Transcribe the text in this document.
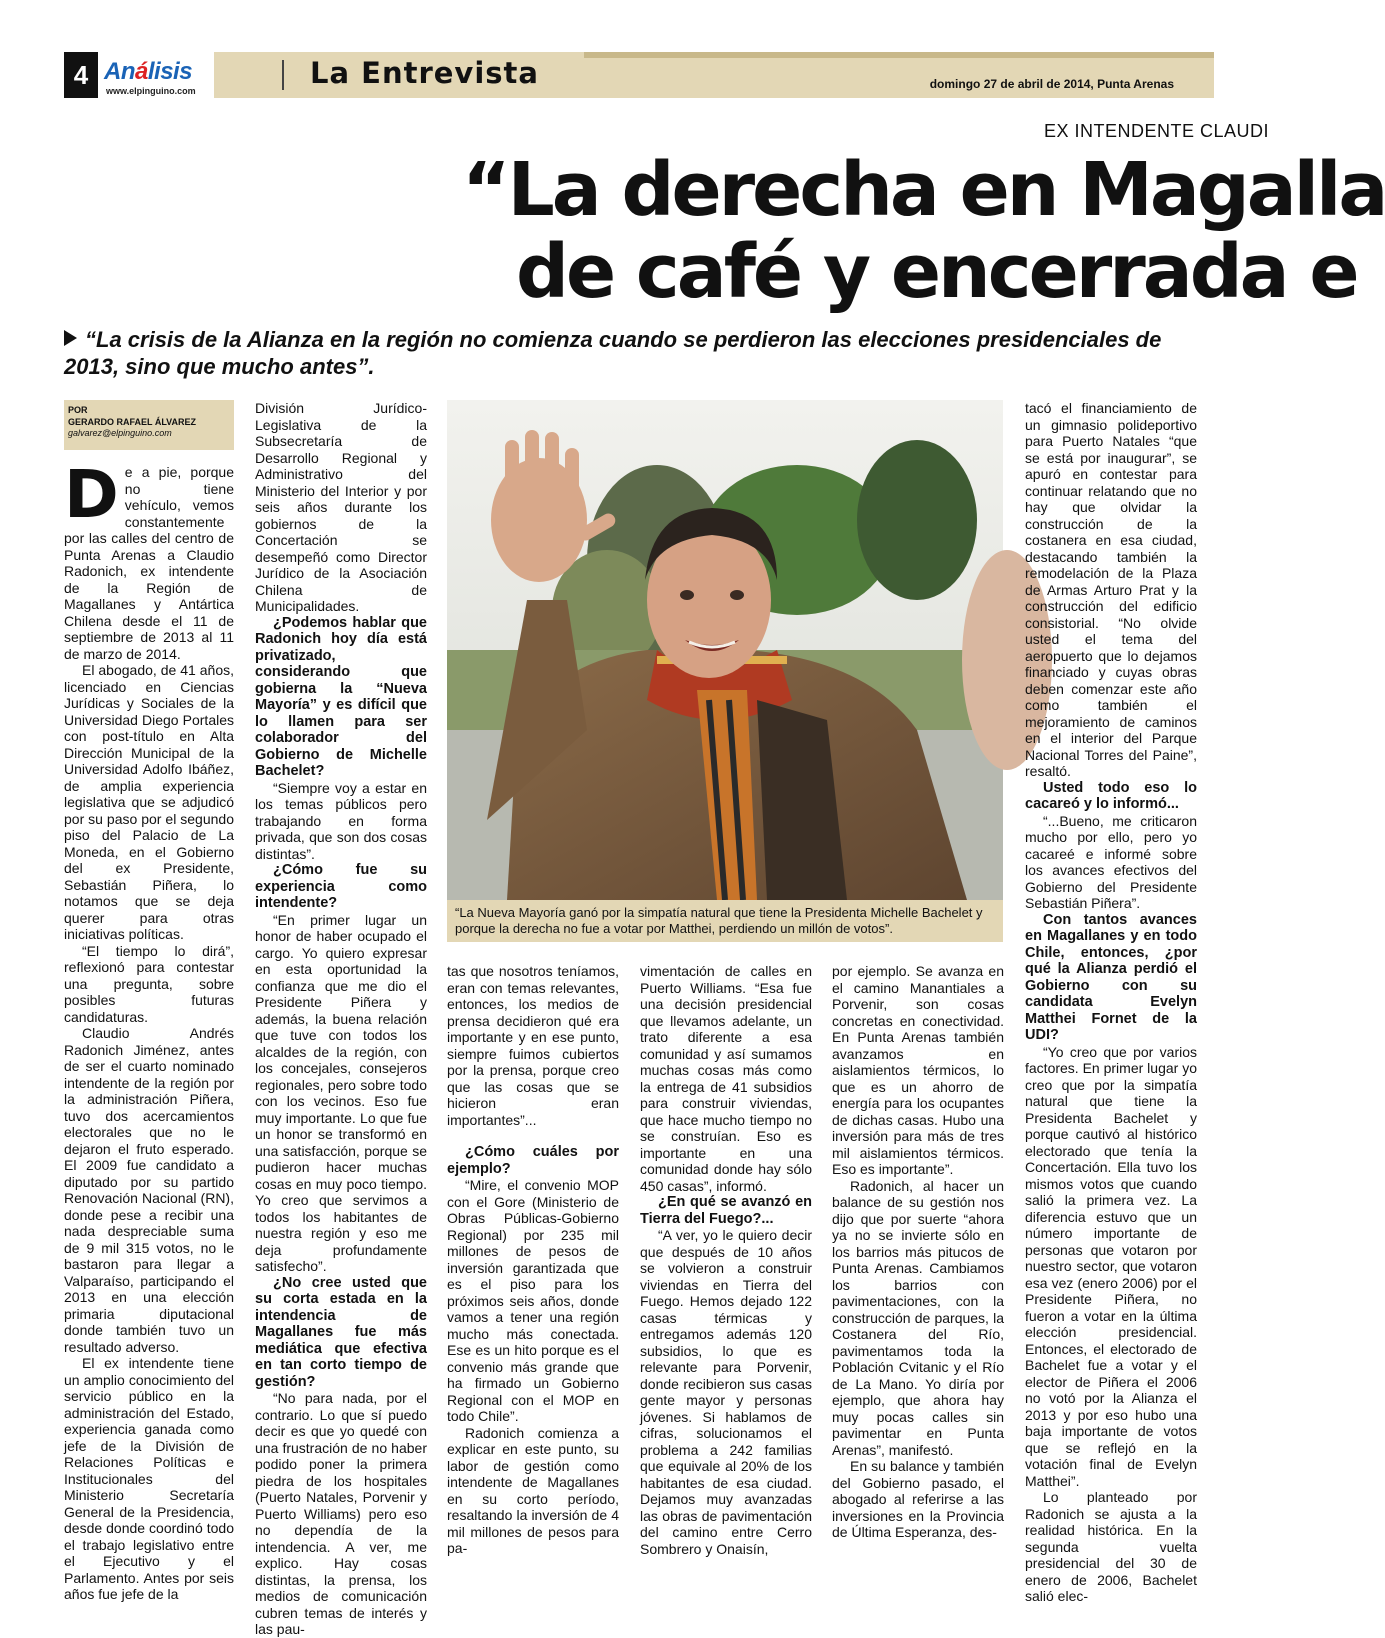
4 Análisis
www.elpinguino.com
La Entrevista	domingo 27 de abril de 2014, Punta Arenas
EX INTENDENTE CLAUDI
“La derecha en Magalla
de café y encerrada e
“La crisis de la Alianza en la región no comienza cuando se perdieron las elecciones presidenciales de 2013, sino que mucho antes”.
POR
GERARDO RAFAEL ÁLVAREZ
galvarez@elpinguino.com

De a pie, porque no tiene vehículo, vemos constantemente por las calles del centro de Punta Arenas a Claudio Radonich, ex intendente de la Región de Magallanes y Antártica Chilena desde el 11 de septiembre de 2013 al 11 de marzo de 2014.

El abogado, de 41 años, licenciado en Ciencias Jurídicas y Sociales de la Universidad Diego Portales con post-título en Alta Dirección Municipal de la Universidad Adolfo Ibáñez, de amplia experiencia legislativa que se adjudicó por su paso por el segundo piso del Palacio de La Moneda, en el Gobierno del ex Presidente, Sebastián Piñera, lo notamos que se deja querer para otras iniciativas políticas.

“El tiempo lo dirá”, reflexionó para contestar una pregunta, sobre posibles futuras candidaturas.

Claudio Andrés Radonich Jiménez, antes de ser el cuarto nominado intendente de la región por la administración Piñera, tuvo dos acercamientos electorales que no le dejaron el fruto esperado. El 2009 fue candidato a diputado por su partido Renovación Nacional (RN), donde pese a recibir una nada despreciable suma de 9 mil 315 votos, no le bastaron para llegar a Valparaíso, participando el 2013 en una elección primaria diputacional donde también tuvo un resultado adverso.

El ex intendente tiene un amplio conocimiento del servicio público en la administración del Estado, experiencia ganada como jefe de la División de Relaciones Políticas e Institucionales del Ministerio Secretaría General de la Presidencia, desde donde coordinó todo el trabajo legislativo entre el Ejecutivo y el Parlamento. Antes por seis años fue jefe de la

División Jurídico-Legislativa de la Subsecretaría de Desarrollo Regional y Administrativo del Ministerio del Interior y por seis años durante los gobiernos de la Concertación se desempeñó como Director Jurídico de la Asociación Chilena de Municipalidades.

¿Podemos hablar que Radonich hoy día está privatizado, considerando que gobierna la “Nueva Mayoría” y es difícil que lo llamen para ser colaborador del Gobierno de Michelle Bachelet?

“Siempre voy a estar en los temas públicos pero trabajando en forma privada, que son dos cosas distintas”.

¿Cómo fue su experiencia como intendente?

“En primer lugar un honor de haber ocupado el cargo. Yo quiero expresar en esta oportunidad la confianza que me dio el Presidente Piñera y además, la buena relación que tuve con todos los alcaldes de la región, con los concejales, consejeros regionales, pero sobre todo con los vecinos. Eso fue muy importante. Lo que fue un honor se transformó en una satisfacción, porque se pudieron hacer muchas cosas en muy poco tiempo. Yo creo que servimos a todos los habitantes de nuestra región y eso me deja profundamente satisfecho”.

¿No cree usted que su corta estada en la intendencia de Magallanes fue más mediática que efectiva en tan corto tiempo de gestión?

“No para nada, por el contrario. Lo que sí puedo decir es que yo quedé con una frustración de no haber podido poner la primera piedra de los hospitales (Puerto Natales, Porvenir y Puerto Williams) pero eso no dependía de la intendencia. A ver, me explico. Hay cosas distintas, la prensa, los medios de comunicación cubren temas de interés y las pau-

“La Nueva Mayoría ganó por la simpatía natural que tiene la Presidenta Michelle Bachelet y porque la derecha no fue a votar por Matthei, perdiendo un millón de votos”.

tas que nosotros teníamos, eran con temas relevantes, entonces, los medios de prensa decidieron qué era importante y en ese punto, siempre fuimos cubiertos por la prensa, porque creo que las cosas que se hicieron eran importantes”...

¿Cómo cuáles por ejemplo?

“Mire, el convenio MOP con el Gore (Ministerio de Obras Públicas-Gobierno Regional) por 235 mil millones de pesos de inversión garantizada que es el piso para los próximos seis años, donde vamos a tener una región mucho más conectada. Ese es un hito porque es el convenio más grande que ha firmado un Gobierno Regional con el MOP en todo Chile”.

Radonich comienza a explicar en este punto, su labor de gestión como intendente de Magallanes en su corto período, resaltando la inversión de 4 mil millones de pesos para pa-

vimentación de calles en Puerto Williams. “Esa fue una decisión presidencial que llevamos adelante, un trato diferente a esa comunidad y así sumamos muchas cosas más como la entrega de 41 subsidios para construir viviendas, que hace mucho tiempo no se construían. Eso es importante en una comunidad donde hay sólo 450 casas”, informó.

¿En qué se avanzó en Tierra del Fuego?...

“A ver, yo le quiero decir que después de 10 años se volvieron a construir viviendas en Tierra del Fuego. Hemos dejado 122 casas térmicas y entregamos además 120 subsidios, lo que es relevante para Porvenir, donde recibieron sus casas gente mayor y personas jóvenes. Si hablamos de cifras, solucionamos el problema a 242 familias que equivale al 20% de los habitantes de esa ciudad. Dejamos muy avanzadas las obras de pavimentación del camino entre Cerro Sombrero y Onaisín,

por ejemplo. Se avanza en el camino Manantiales a Porvenir, son cosas concretas en conectividad. En Punta Arenas también avanzamos en aislamientos térmicos, lo que es un ahorro de energía para los ocupantes de dichas casas. Hubo una inversión para más de tres mil aislamientos térmicos. Eso es importante”.

Radonich, al hacer un balance de su gestión nos dijo que por suerte “ahora ya no se invierte sólo en los barrios más pitucos de Punta Arenas. Cambiamos los barrios con pavimentaciones, con la construcción de parques, la Costanera del Río, pavimentamos toda la Población Cvitanic y el Río de La Mano. Yo diría por ejemplo, que ahora hay muy pocas calles sin pavimentar en Punta Arenas”, manifestó.

En su balance y también del Gobierno pasado, el abogado al referirse a las inversiones en la Provincia de Última Esperanza, des-

tacó el financiamiento de un gimnasio polideportivo para Puerto Natales “que se está por inaugurar”, se apuró en contestar para continuar relatando que no hay que olvidar la construcción de la costanera en esa ciudad, destacando también la remodelación de la Plaza de Armas Arturo Prat y la construcción del edificio consistorial. “No olvide usted el tema del aeropuerto que lo dejamos financiado y cuyas obras deben comenzar este año como también el mejoramiento de caminos en el interior del Parque Nacional Torres del Paine”, resaltó.

Usted todo eso lo cacareó y lo informó...

“...Bueno, me criticaron mucho por ello, pero yo cacareé e informé sobre los avances efectivos del Gobierno del Presidente Sebastián Piñera”.

Con tantos avances en Magallanes y en todo Chile, entonces, ¿por qué la Alianza perdió el Gobierno con su candidata Evelyn Matthei Fornet de la UDI?

“Yo creo que por varios factores. En primer lugar yo creo que por la simpatía natural que tiene la Presidenta Bachelet y porque cautivó al histórico electorado que tenía la Concertación. Ella tuvo los mismos votos que cuando salió la primera vez. La diferencia estuvo que un número importante de personas que votaron por nuestro sector, que votaron esa vez (enero 2006) por el Presidente Piñera, no fueron a votar en la última elección presidencial. Entonces, el electorado de Bachelet fue a votar y el elector de Piñera el 2006 no votó por la Alianza el 2013 y por eso hubo una baja importante de votos que se reflejó en la votación final de Evelyn Matthei”.

Lo planteado por Radonich se ajusta a la realidad histórica. En la segunda vuelta presidencial del 30 de enero de 2006, Bachelet salió elec-
